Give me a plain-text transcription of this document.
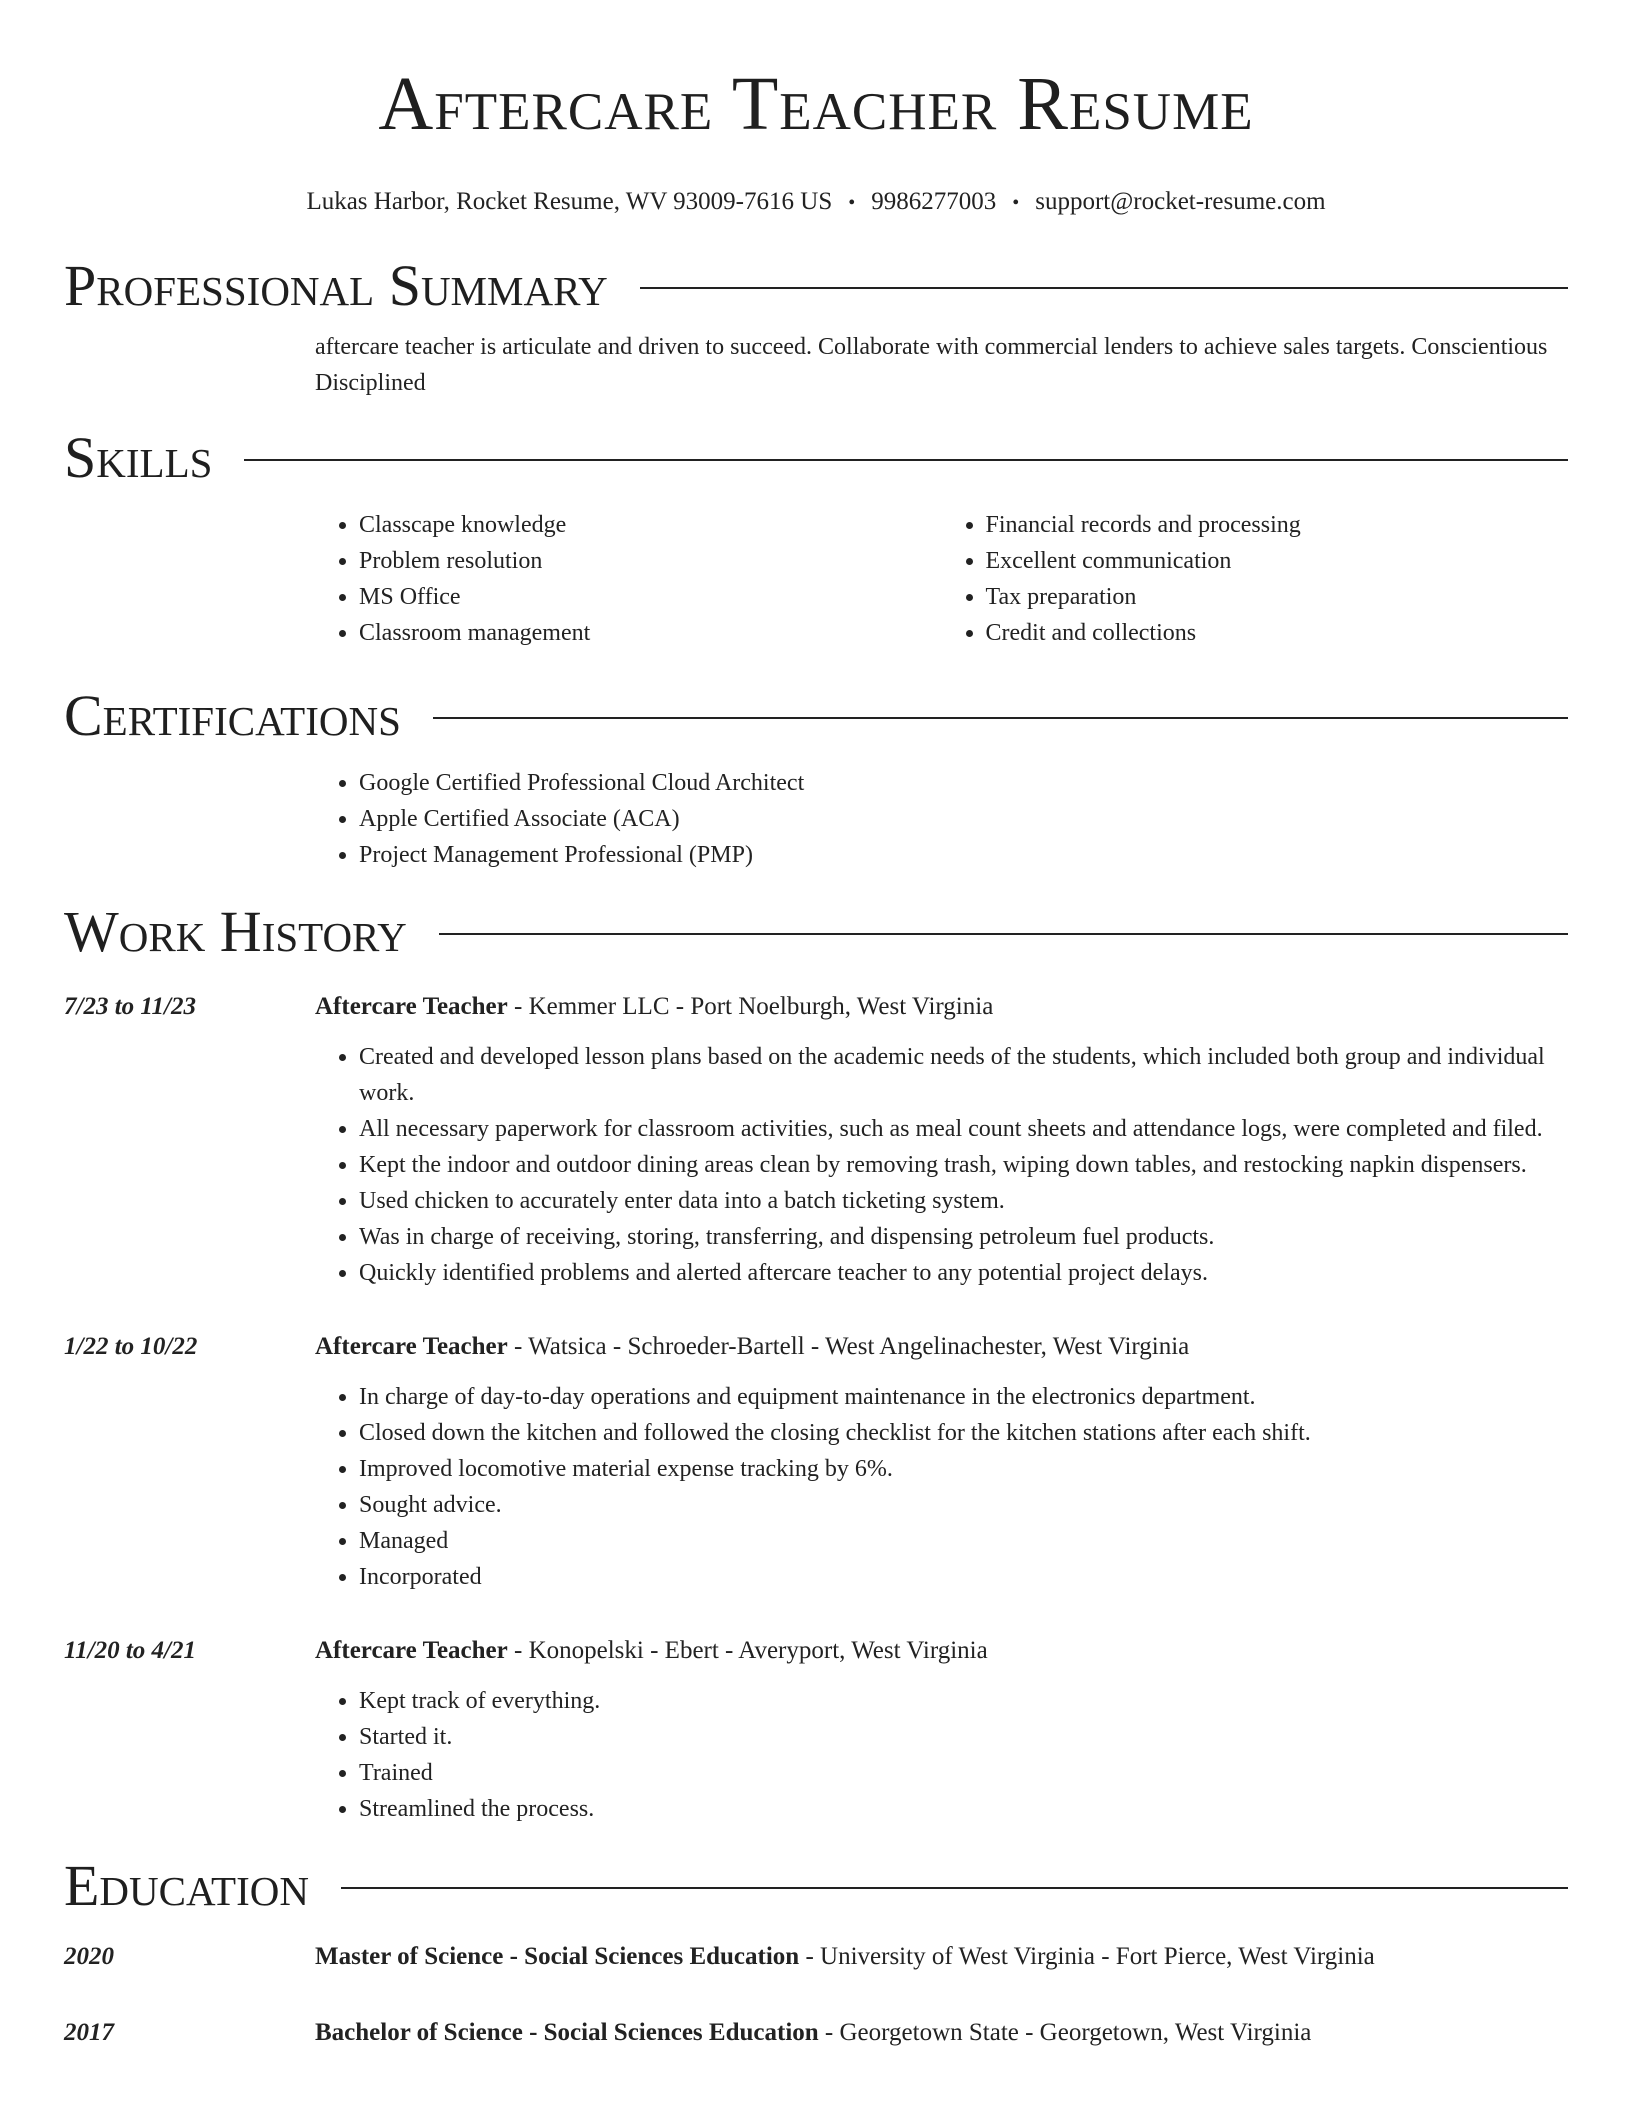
Aftercare Teacher Resume
Lukas Harbor, Rocket Resume, WV 93009-7616 US • 9986277003 • support@rocket-resume.com
Professional Summary
aftercare teacher is articulate and driven to succeed. Collaborate with commercial lenders to achieve sales targets. Conscientious Disciplined
Skills
• Classcape knowledge
• Problem resolution
• MS Office
• Classroom management
• Financial records and processing
• Excellent communication
• Tax preparation
• Credit and collections
Certifications
• Google Certified Professional Cloud Architect
• Apple Certified Associate (ACA)
• Project Management Professional (PMP)
Work History
7/23 to 11/23	Aftercare Teacher - Kemmer LLC - Port Noelburgh, West Virginia
• Created and developed lesson plans based on the academic needs of the students, which included both group and individual work.
• All necessary paperwork for classroom activities, such as meal count sheets and attendance logs, were completed and filed.
• Kept the indoor and outdoor dining areas clean by removing trash, wiping down tables, and restocking napkin dispensers.
• Used chicken to accurately enter data into a batch ticketing system.
• Was in charge of receiving, storing, transferring, and dispensing petroleum fuel products.
• Quickly identified problems and alerted aftercare teacher to any potential project delays.
1/22 to 10/22	Aftercare Teacher - Watsica - Schroeder-Bartell - West Angelinachester, West Virginia
• In charge of day-to-day operations and equipment maintenance in the electronics department.
• Closed down the kitchen and followed the closing checklist for the kitchen stations after each shift.
• Improved locomotive material expense tracking by 6%.
• Sought advice.
• Managed
• Incorporated
11/20 to 4/21	Aftercare Teacher - Konopelski - Ebert - Averyport, West Virginia
• Kept track of everything.
• Started it.
• Trained
• Streamlined the process.
Education
2020	Master of Science - Social Sciences Education - University of West Virginia - Fort Pierce, West Virginia
2017	Bachelor of Science - Social Sciences Education - Georgetown State - Georgetown, West Virginia
